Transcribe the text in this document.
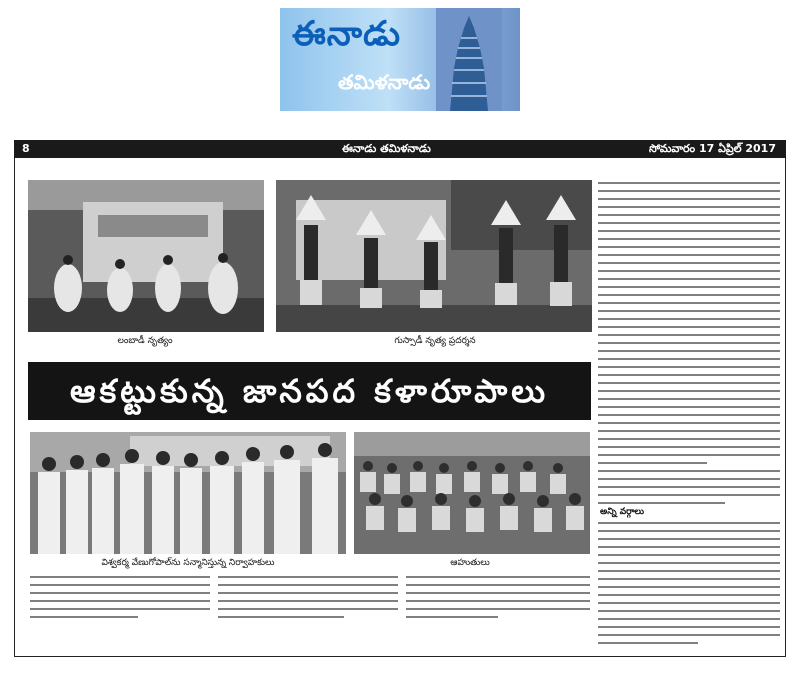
ఈనాడు
తమిళనాడు
8	ఈనాడు తమిళనాడు	సోమవారం 17 ఏప్రిల్ 2017
లంబాడీ నృత్యం	గుస్సాడీ నృత్య ప్రదర్శన
ఆకట్టుకున్న జానపద కళారూపాలు
విశ్వకర్మ వేణుగోపాల్‌ను సన్మానిస్తున్న నిర్వాహకులు	ఆహుతులు
అన్ని వర్గాలు
